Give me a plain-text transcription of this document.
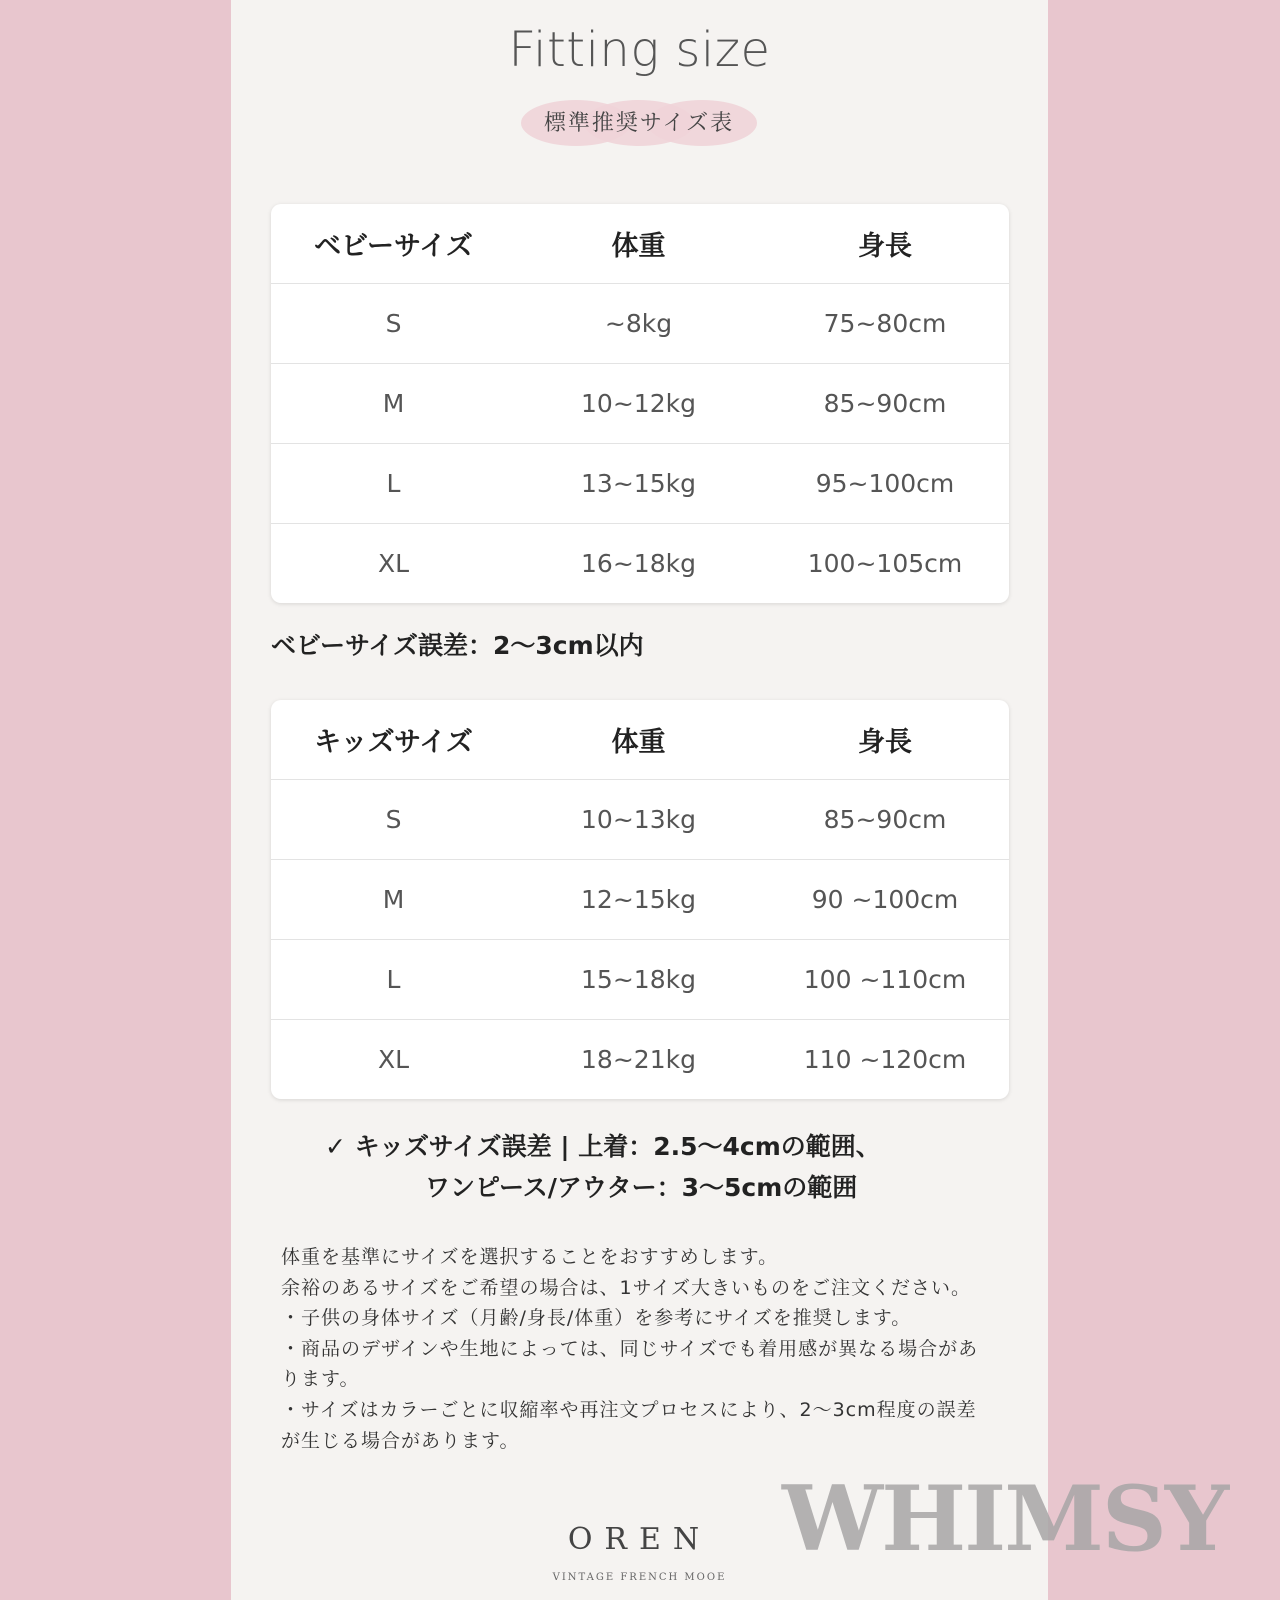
Fitting size
標準推奨サイズ表
ベビーサイズ	体重	身長
S	~8kg	75~80cm
M	10~12kg	85~90cm
L	13~15kg	95~100cm
XL	16~18kg	100~105cm
ベビーサイズ誤差：2～3cm以内
キッズサイズ	体重	身長
S	10~13kg	85~90cm
M	12~15kg	90 ~100cm
L	15~18kg	100 ~110cm
XL	18~21kg	110 ~120cm
✓ キッズサイズ誤差 | 上着：2.5～4cmの範囲、
ワンピース/アウター：3～5cmの範囲

体重を基準にサイズを選択することをおすすめします。

余裕のあるサイズをご希望の場合は、1サイズ大きいものをご注文ください。

・子供の身体サイズ（月齢/身長/体重）を参考にサイズを推奨します。

・商品のデザインや生地によっては、同じサイズでも着用感が異なる場合があります。

・サイズはカラーごとに収縮率や再注文プロセスにより、2～3cm程度の誤差が生じる場合があります。

OREN
VINTAGE FRENCH MOOE
WHIMSY
